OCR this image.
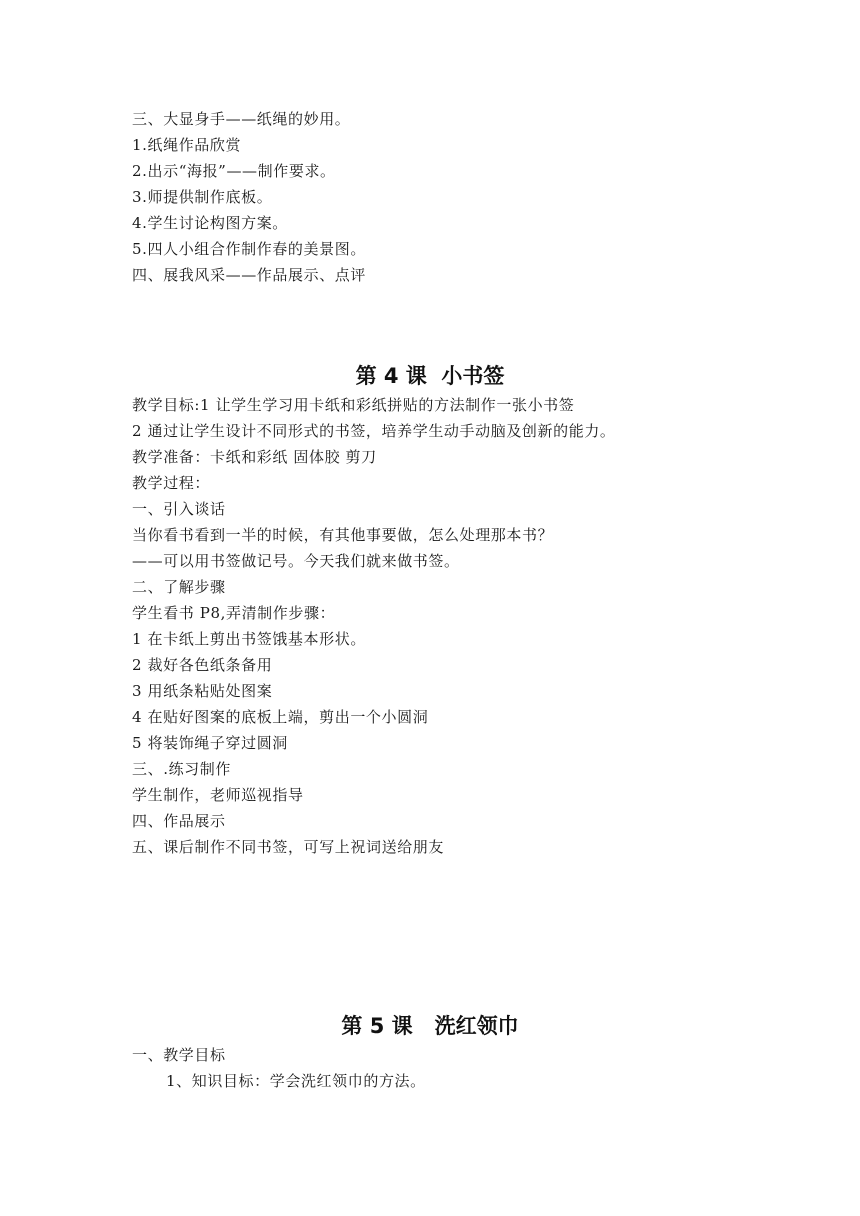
三、大显身手——纸绳的妙用。
1.纸绳作品欣赏
2.出示“海报”——制作要求。
3.师提供制作底板。
4.学生讨论构图方案。
5.四人小组合作制作春的美景图。
四、展我风采——作品展示、点评
第 4 课  小书签
教学目标:1 让学生学习用卡纸和彩纸拼贴的方法制作一张小书签
2 通过让学生设计不同形式的书签，培养学生动手动脑及创新的能力。
教学准备：卡纸和彩纸 固体胶 剪刀
教学过程：
一、引入谈话
当你看书看到一半的时候，有其他事要做，怎么处理那本书？
——可以用书签做记号。今天我们就来做书签。
二、了解步骤
学生看书 P8,弄清制作步骤：
1 在卡纸上剪出书签饿基本形状。
2 裁好各色纸条备用
3 用纸条粘贴处图案
4 在贴好图案的底板上端，剪出一个小圆洞
5 将装饰绳子穿过圆洞
三、.练习制作
学生制作，老师巡视指导
四、作品展示
五、课后制作不同书签，可写上祝词送给朋友
第 5 课   洗红领巾
一、教学目标
1、知识目标：学会洗红领巾的方法。
